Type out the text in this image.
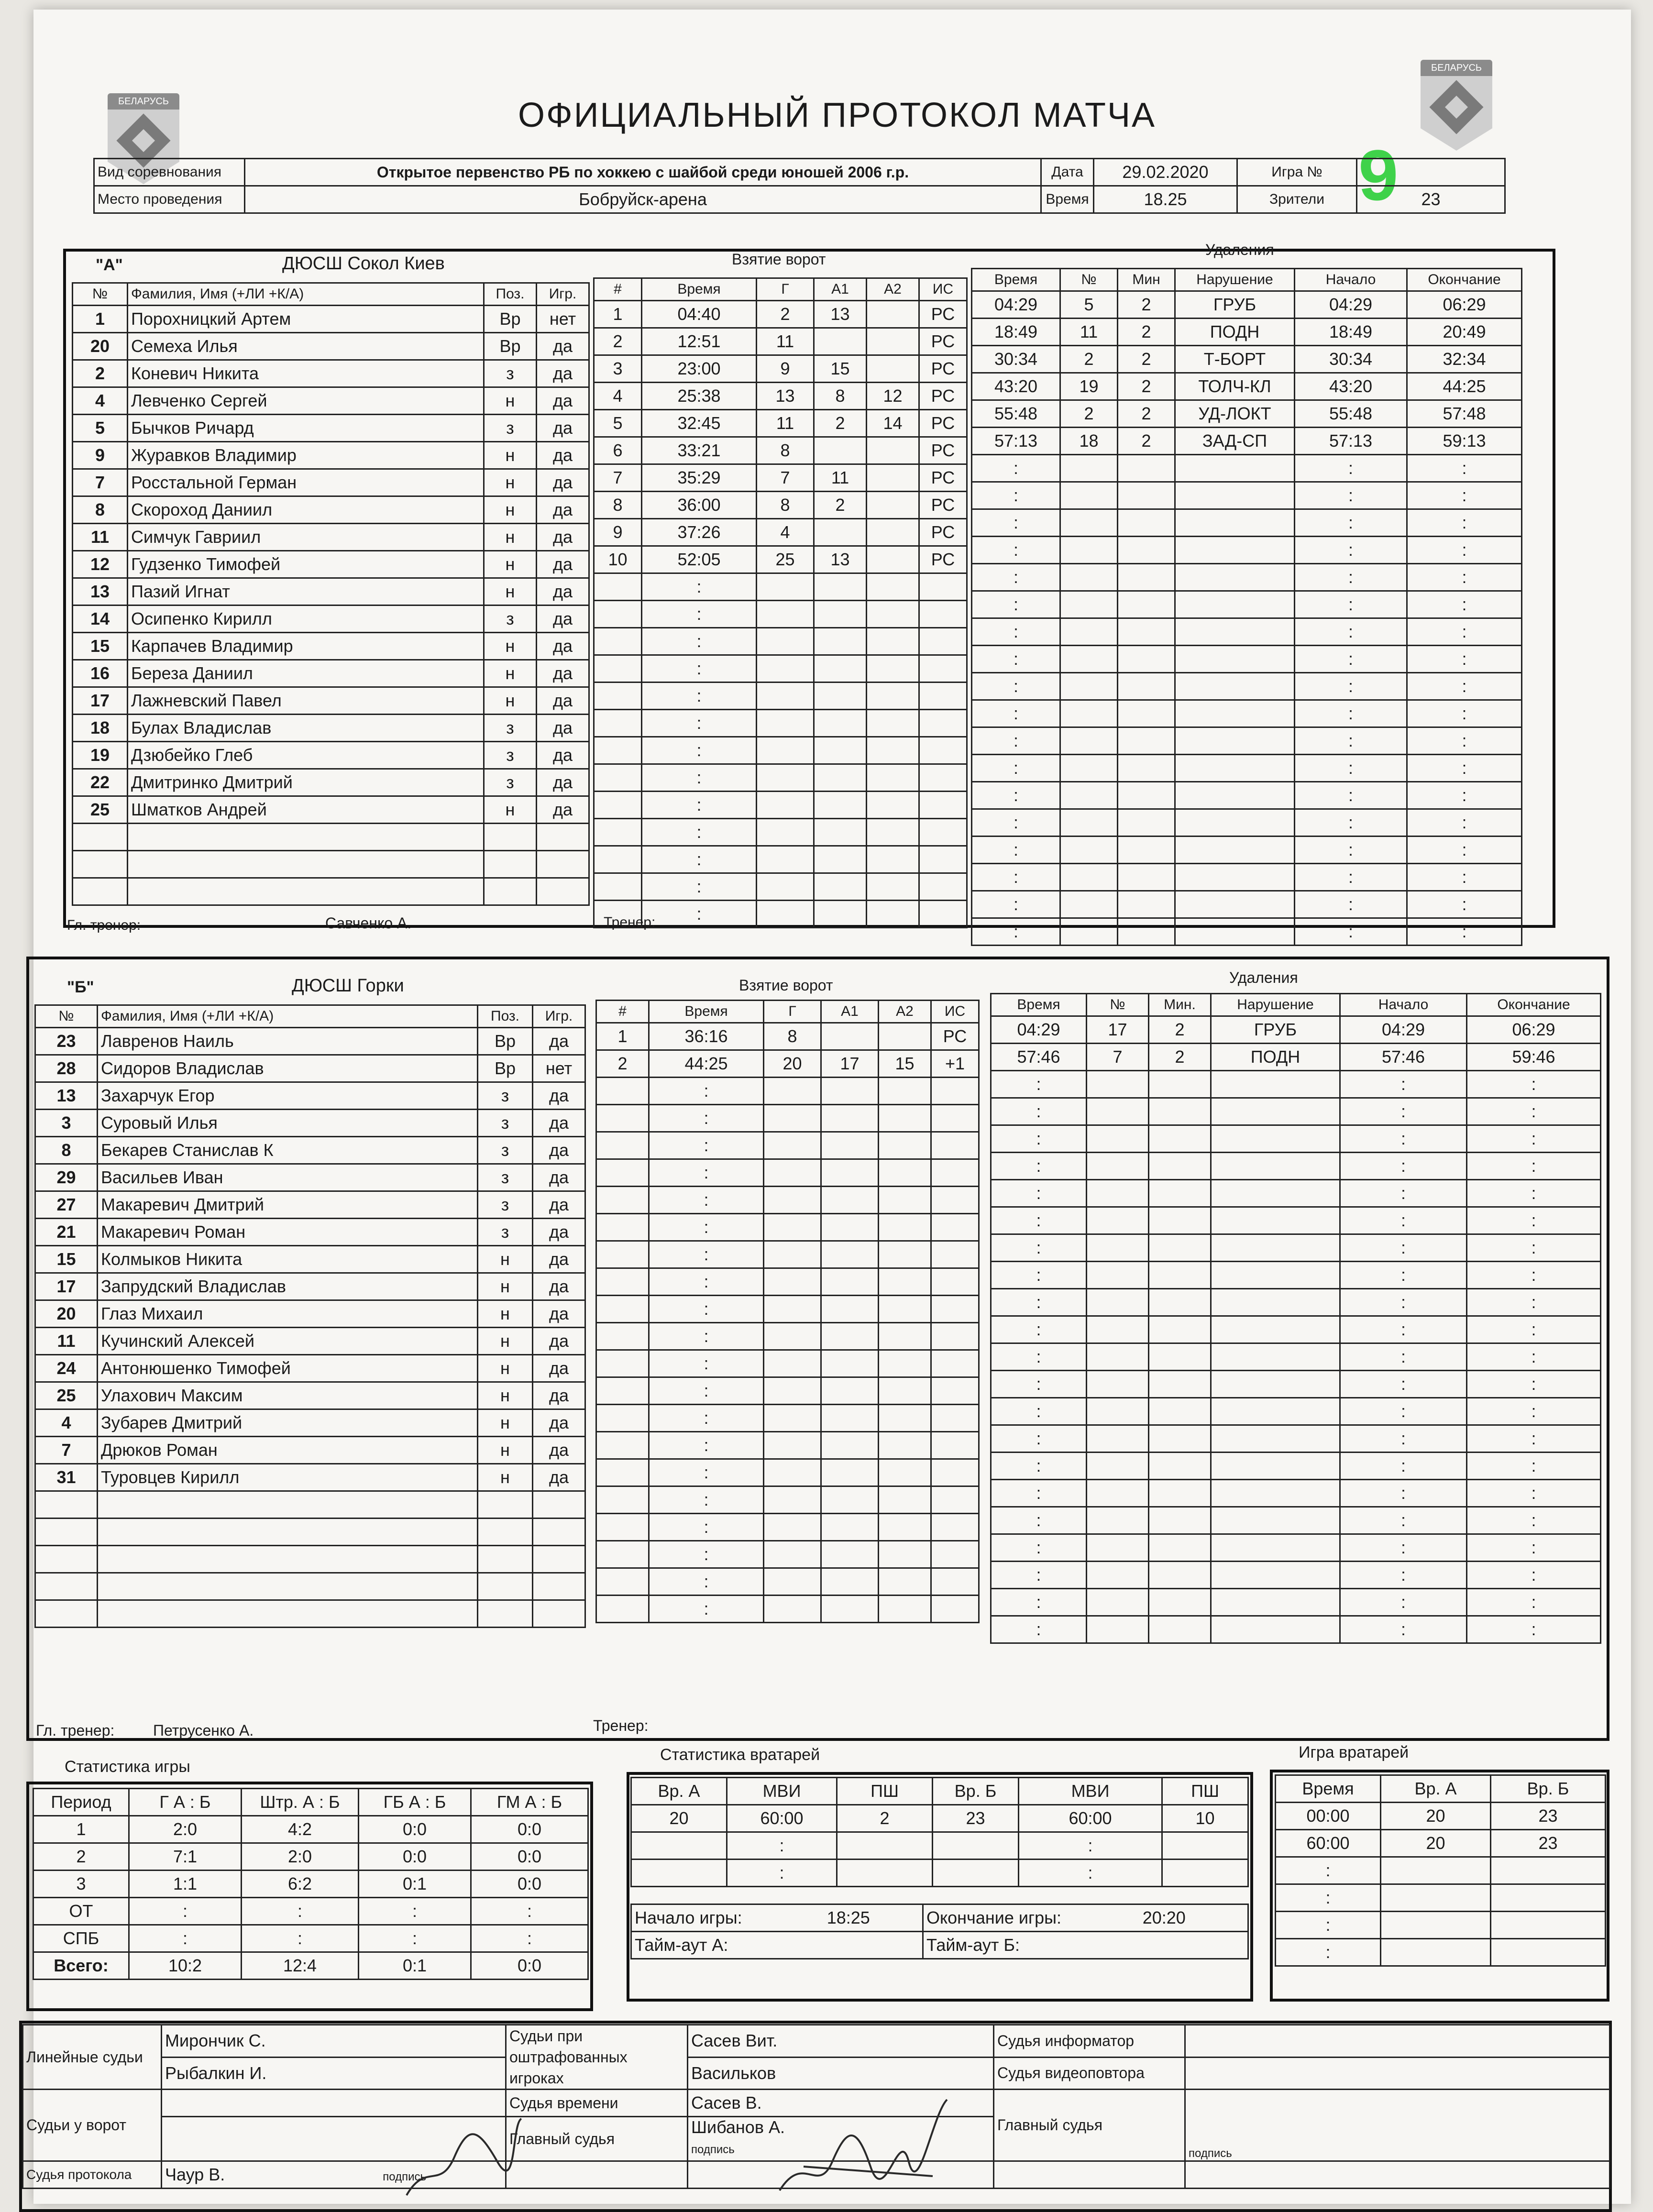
БЕЛАРУСЬ
БЕЛАРУСЬ
ОФИЦИАЛЬНЫЙ ПРОТОКОЛ МАТЧА
9
Вид соревнования	Открытое первенство РБ по хоккею с шайбой среди юношей 2006 г.р.	Дата	29.02.2020	Игра №	
Место проведения	Бобруйск-арена	Время	18.25	Зрители	23
"А"	ДЮСШ Сокол Киев	Взятие ворот
Удаления
№	Фамилия, Имя (+ЛИ +К/А)	Поз.	Игр.
1	Порохницкий Артем	Вр	нет
20	Семеха Илья	Вр	да
2	Коневич Никита	з	да
4	Левченко Сергей	н	да
5	Бычков Ричард	з	да
9	Журавков Владимир	н	да
7	Росстальной Герман	н	да
8	Скороход Даниил	н	да
11	Симчук Гавриил	н	да
12	Гудзенко Тимофей	н	да
13	Пазий Игнат	н	да
14	Осипенко Кирилл	з	да
15	Карпачев Владимир	н	да
16	Береза Даниил	н	да
17	Лажневский Павел	н	да
18	Булах Владислав	з	да
19	Дзюбейко Глеб	з	да
22	Дмитринко Дмитрий	з	да
25	Шматков Андрей	н	да

#	Время	Г	А1	А2	ИС
1	04:40	2	13		РС
2	12:51	11			РС
3	23:00	9	15		РС
4	25:38	13	8	12	РС
5	32:45	11	2	14	РС
6	33:21	8			РС
7	35:29	7	11		РС
8	36:00	8	2		РС
9	37:26	4			РС
10	52:05	25	13		РС
	:				
	:				
	:				
	:				
	:				
	:				
	:				
	:				
	:				
	:				
	:				
	:				
	:				
Время	№	Мин	Нарушение	Начало	Окончание
04:29	5	2	ГРУБ	04:29	06:29
18:49	11	2	ПОДН	18:49	20:49
30:34	2	2	Т-БОРТ	30:34	32:34
43:20	19	2	ТОЛЧ-КЛ	43:20	44:25
55:48	2	2	УД-ЛОКТ	55:48	57:48
57:13	18	2	ЗАД-СП	57:13	59:13
:				:	:
:				:	:
:				:	:
:				:	:
:				:	:
:				:	:
:				:	:
:				:	:
:				:	:
:				:	:
:				:	:
:				:	:
:				:	:
:				:	:
:				:	:
:				:	:
:				:	:
:				:	:
Гл. тренер:	Савченко А.	Тренер:
"Б"	ДЮСШ Горки	Взятие ворот	Удаления
№	Фамилия, Имя (+ЛИ +К/А)	Поз.	Игр.
23	Лавренов Наиль	Вр	да
28	Сидоров Владислав	Вр	нет
13	Захарчук Егор	з	да
3	Суровый Илья	з	да
8	Бекарев Станислав К	з	да
29	Васильев Иван	з	да
27	Макаревич Дмитрий	з	да
21	Макаревич Роман	з	да
15	Колмыков Никита	н	да
17	Запрудский Владислав	н	да
20	Глаз Михаил	н	да
11	Кучинский Алексей	н	да
24	Антонюшенко Тимофей	н	да
25	Улахович Максим	н	да
4	Зубарев Дмитрий	н	да
7	Дрюков Роман	н	да
31	Туровцев Кирилл	н	да

#	Время	Г	А1	А2	ИС
1	36:16	8			РС
2	44:25	20	17	15	+1
	:				
	:				
	:				
	:				
	:				
	:				
	:				
	:				
	:				
	:				
	:				
	:				
	:				
	:				
	:				
	:				
	:				
	:				
	:				
	:				
Время	№	Мин.	Нарушение	Начало	Окончание
04:29	17	2	ГРУБ	04:29	06:29
57:46	7	2	ПОДН	57:46	59:46
:				:	:
:				:	:
:				:	:
:				:	:
:				:	:
:				:	:
:				:	:
:				:	:
:				:	:
:				:	:
:				:	:
:				:	:
:				:	:
:				:	:
:				:	:
:				:	:
:				:	:
:				:	:
:				:	:
:				:	:
:				:	:
Гл. тренер:	Петрусенко А.	Тренер:
Статистика игры
Период	Г А : Б	Штр. А : Б	ГБ А : Б	ГМ А : Б
1	2:0	4:2	0:0	0:0
2	7:1	2:0	0:0	0:0
3	1:1	6:2	0:1	0:0
ОТ	:	:	:	:
СПБ	:	:	:	:
Всего:	10:2	12:4	0:1	0:0
Статистика вратарей
Вр. А	МВИ	ПШ	Вр. Б	МВИ	ПШ
20	60:00	2	23	60:00	10
	:			:	
	:			:	
Начало игры:	18:25	Окончание игры:	20:20
Тайм-аут А:		Тайм-аут Б:	
Игра вратарей
Время	Вр. А	Вр. Б
00:00	20	23
60:00	20	23
:		
:		
:		
:		
Линейные судьи	Мирончик С.	Судьи при оштрафованных игроках	Сасев Вит.	Судья информатор	
	Рыбалкин И.		Васильков	Судья видеоповтора	
Судьи у ворот		Судья времени	Сасев В.	Главный судья	подпись
		Главный судья	Шибанов А.
подпись		
Судья протокола	Чаур В. подпись				
